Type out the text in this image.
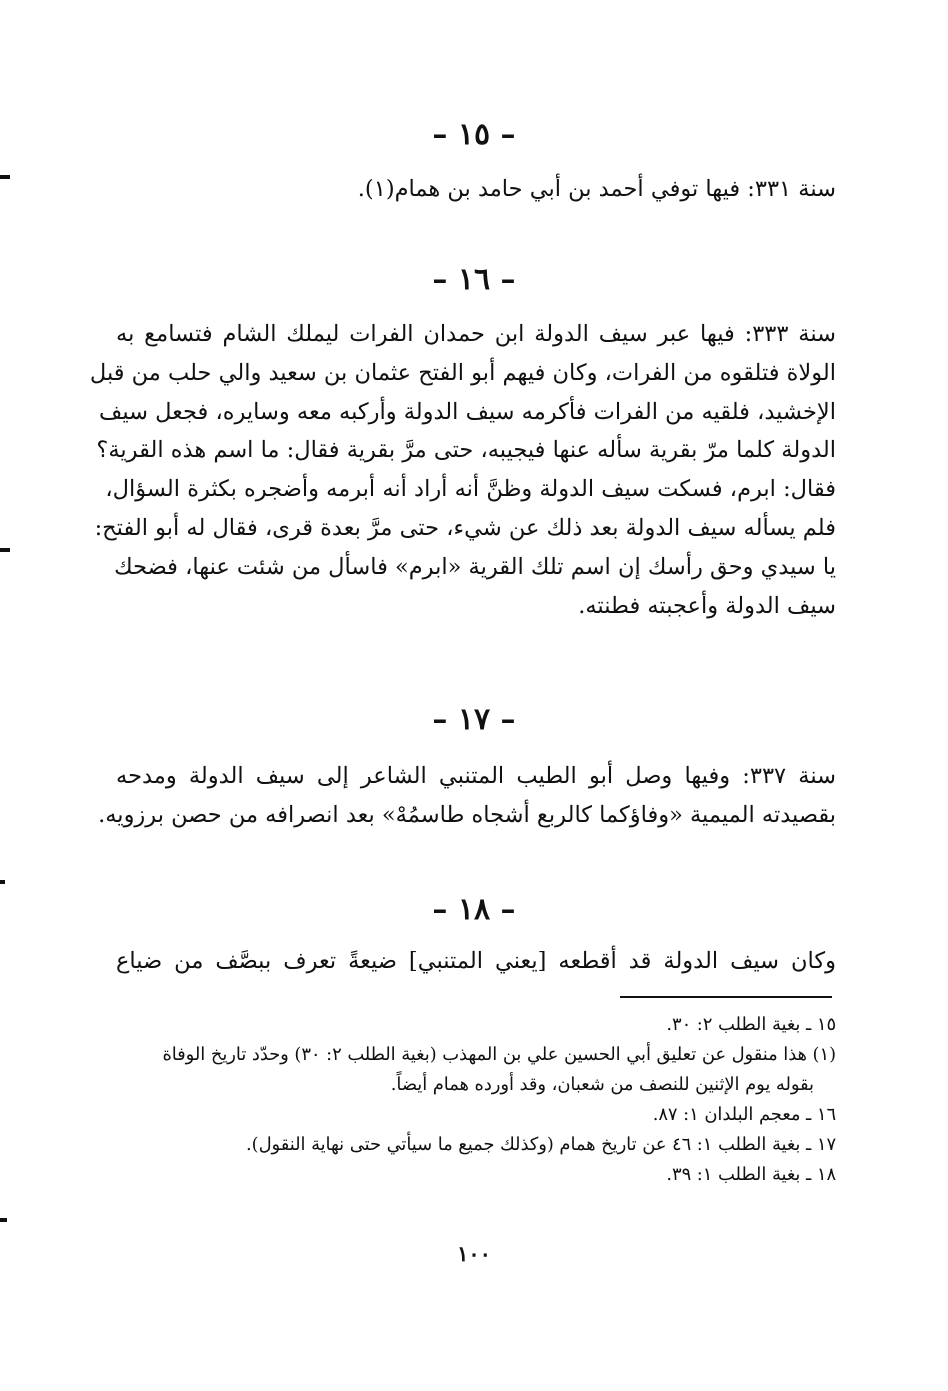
– ١٥ –
سنة ٣٣١: فيها توفي أحمد بن أبي حامد بن همام(١).
– ١٦ –
سنة ٣٣٣: فيها عبر سيف الدولة ابن حمدان الفرات ليملك الشام فتسامع به
الولاة فتلقوه من الفرات، وكان فيهم أبو الفتح عثمان بن سعيد والي حلب من قبل
الإخشيد، فلقيه من الفرات فأكرمه سيف الدولة وأركبه معه وسايره، فجعل سيف
الدولة كلما مرّ بقرية سأله عنها فيجيبه، حتى مرَّ بقرية فقال: ما اسم هذه القرية؟
فقال: ابرم، فسكت سيف الدولة وظنَّ أنه أراد أنه أبرمه وأضجره بكثرة السؤال،
فلم يسأله سيف الدولة بعد ذلك عن شيء، حتى مرَّ بعدة قرى، فقال له أبو الفتح:
يا سيدي وحق رأسك إن اسم تلك القرية «ابرم» فاسأل من شئت عنها، فضحك
سيف الدولة وأعجبته فطنته.
– ١٧ –
سنة ٣٣٧: وفيها وصل أبو الطيب المتنبي الشاعر إلى سيف الدولة ومدحه
بقصيدته الميمية «وفاؤكما كالربع أشجاه طاسمُهْ» بعد انصرافه من حصن برزويه.
– ١٨ –
وكان سيف الدولة قد أقطعه [يعني المتنبي] ضيعةً تعرف ببصَّف من ضياع
١٥ ـ بغية الطلب ٢: ٣٠.
(١) هذا منقول عن تعليق أبي الحسين علي بن المهذب (بغية الطلب ٢: ٣٠) وحدّد تاريخ الوفاة
بقوله يوم الإثنين للنصف من شعبان، وقد أورده همام أيضاً.
١٦ ـ معجم البلدان ١: ٨٧.
١٧ ـ بغية الطلب ١: ٤٦ عن تاريخ همام (وكذلك جميع ما سيأتي حتى نهاية النقول).
١٨ ـ بغية الطلب ١: ٣٩.
١٠٠
